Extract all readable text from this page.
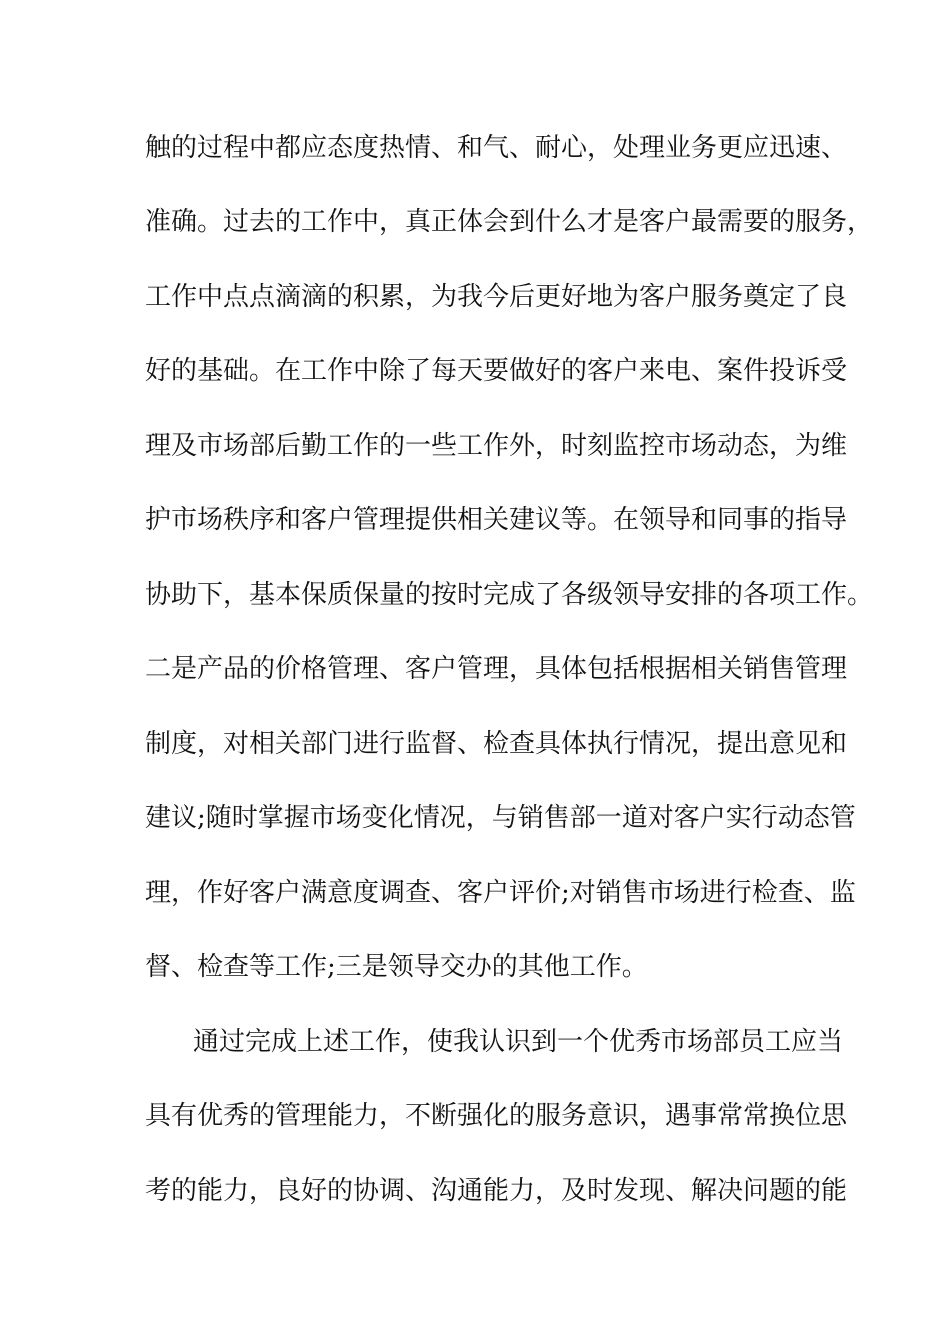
触的过程中都应态度热情、和气、耐心，处理业务更应迅速、
准确。过去的工作中，真正体会到什么才是客户最需要的服务，
工作中点点滴滴的积累，为我今后更好地为客户服务奠定了良
好的基础。在工作中除了每天要做好的客户来电、案件投诉受
理及市场部后勤工作的一些工作外，时刻监控市场动态，为维
护市场秩序和客户管理提供相关建议等。在领导和同事的指导
协助下，基本保质保量的按时完成了各级领导安排的各项工作。
二是产品的价格管理、客户管理，具体包括根据相关销售管理
制度，对相关部门进行监督、检查具体执行情况，提出意见和
建议;随时掌握市场变化情况，与销售部一道对客户实行动态管
理，作好客户满意度调查、客户评价;对销售市场进行检查、监
督、检查等工作;三是领导交办的其他工作。
通过完成上述工作，使我认识到一个优秀市场部员工应当
具有优秀的管理能力，不断强化的服务意识，遇事常常换位思
考的能力，良好的协调、沟通能力，及时发现、解决问题的能
